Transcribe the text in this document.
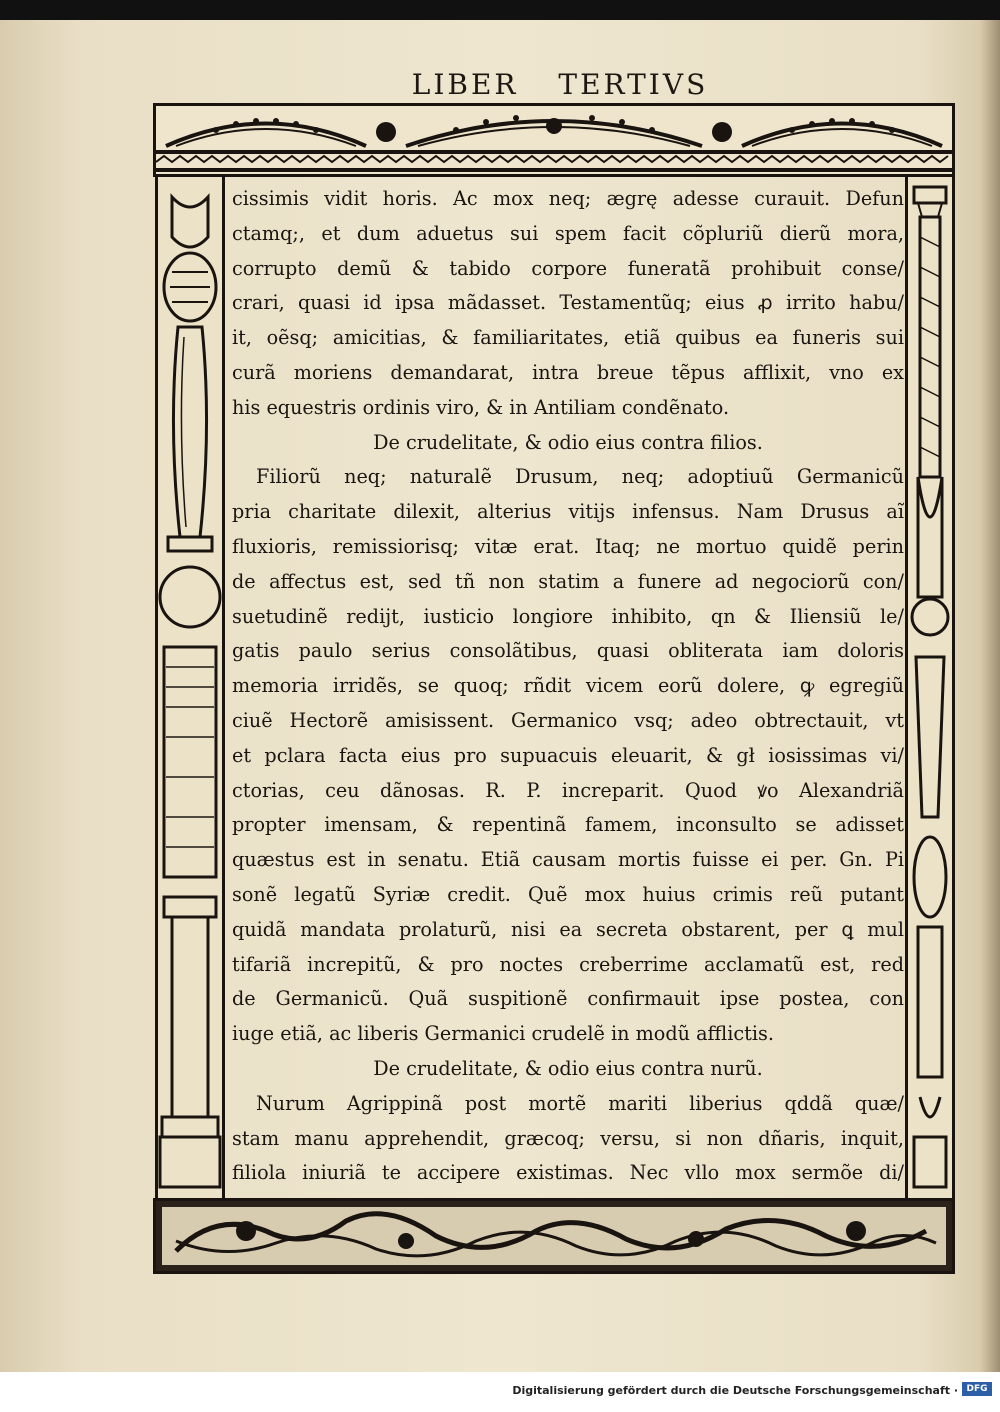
LIBER TERTIVS
cissimis vidit horis. Ac mox neq; ægrę adesse curauit. Defun
ctamq;, et dum aduetus sui spem facit cõpluriũ dierũ mora,
corrupto demũ & tabido corpore funeratã prohibuit conse/
crari, quasi id ipsa mãdasset. Testamentũq; eius ꝓ irrito habu/
it, oẽsq; amicitias, & familiaritates, etiã quibus ea funeris sui
curã moriens demandarat, intra breue tẽpus afflixit, vno ex
his equestris ordinis viro, & in Antiliam condẽnato.
De crudelitate, & odio eius contra filios.
Filiorũ neq; naturalẽ Drusum, neq; adoptiuũ Germanicũ
pria charitate dilexit, alterius vitijs infensus. Nam Drusus aĩ
fluxioris, remissiorisq; vitæ erat. Itaq; ne mortuo quidẽ perin
de affectus est, sed tñ non statim a funere ad negociorũ con/
suetudinẽ redijt, iusticio longiore inhibito, qn & Iliensiũ le/
gatis paulo serius consolãtibus, quasi obliterata iam doloris
memoria irridẽs, se quoq; rñdit vicem eorũ dolere, ꝙ egregiũ
ciuẽ Hectorẽ amisissent. Germanico vsq; adeo obtrectauit, vt
et pclara facta eius pro supuacuis eleuarit, & gł iosissimas vi/
ctorias, ceu dãnosas. R. P. increparit. Quod ꝟo Alexandriã
propter imensam, & repentinã famem, inconsulto se adisset
quæstus est in senatu. Etiã causam mortis fuisse ei per. Gn. Pi
sonẽ legatũ Syriæ credit. Quẽ mox huius crimis reũ putant
quidã mandata prolaturũ, nisi ea secreta obstarent, per ꝗ mul
tifariã increpitũ, & pro noctes creberrime acclamatũ est, red
de Germanicũ. Quã suspitionẽ confirmauit ipse postea, con
iuge etiã, ac liberis Germanici crudelẽ in modũ afflictis.
De crudelitate, & odio eius contra nurũ.
Nurum Agrippinã post mortẽ mariti liberius qddã quæ/
stam manu apprehendit, græcoq; versu, si non dñaris, inquit,
filiola iniuriã te accipere existimas. Nec vllo mox sermõe di/
Digitalisierung gefördert durch die Deutsche Forschungsgemeinschaft · DFG
